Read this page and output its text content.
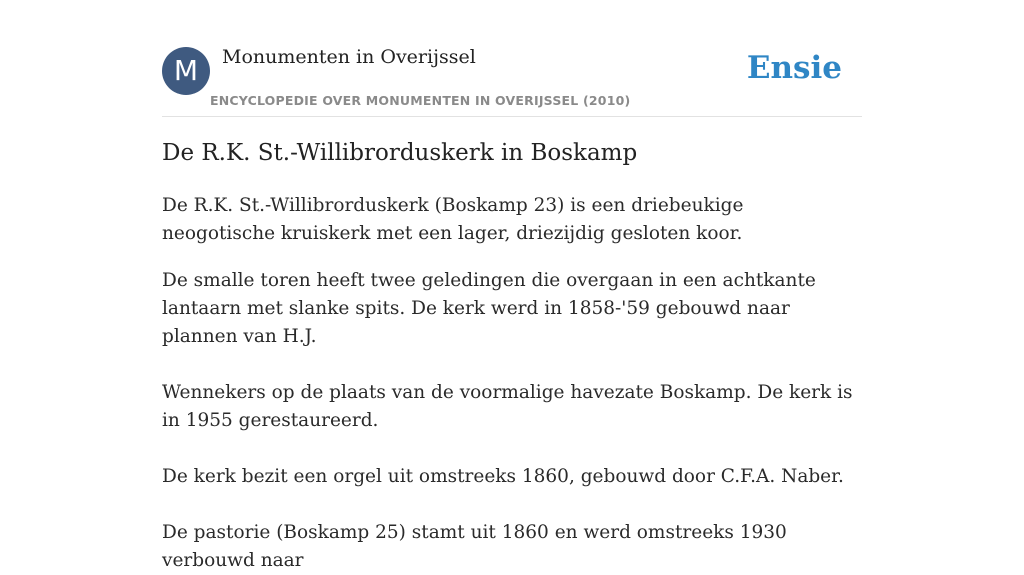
M	Monumenten in Overijssel
ENCYCLOPEDIE OVER MONUMENTEN IN OVERIJSSEL (2010)
Ensie
De R.K. St.-Willibrorduskerk in Boskamp

De R.K. St.-Willibrorduskerk (Boskamp 23) is een driebeukige neogotische kruiskerk met een lager, driezijdig gesloten koor.

De smalle toren heeft twee geledingen die overgaan in een achtkante lantaarn met slanke spits. De kerk werd in 1858-'59 gebouwd naar plannen van H.J.

Wennekers op de plaats van de voormalige havezate Boskamp. De kerk is in 1955 gerestaureerd.

De kerk bezit een orgel uit omstreeks 1860, gebouwd door C.F.A. Naber.

De pastorie (Boskamp 25) stamt uit 1860 en werd omstreeks 1930 verbouwd naar
